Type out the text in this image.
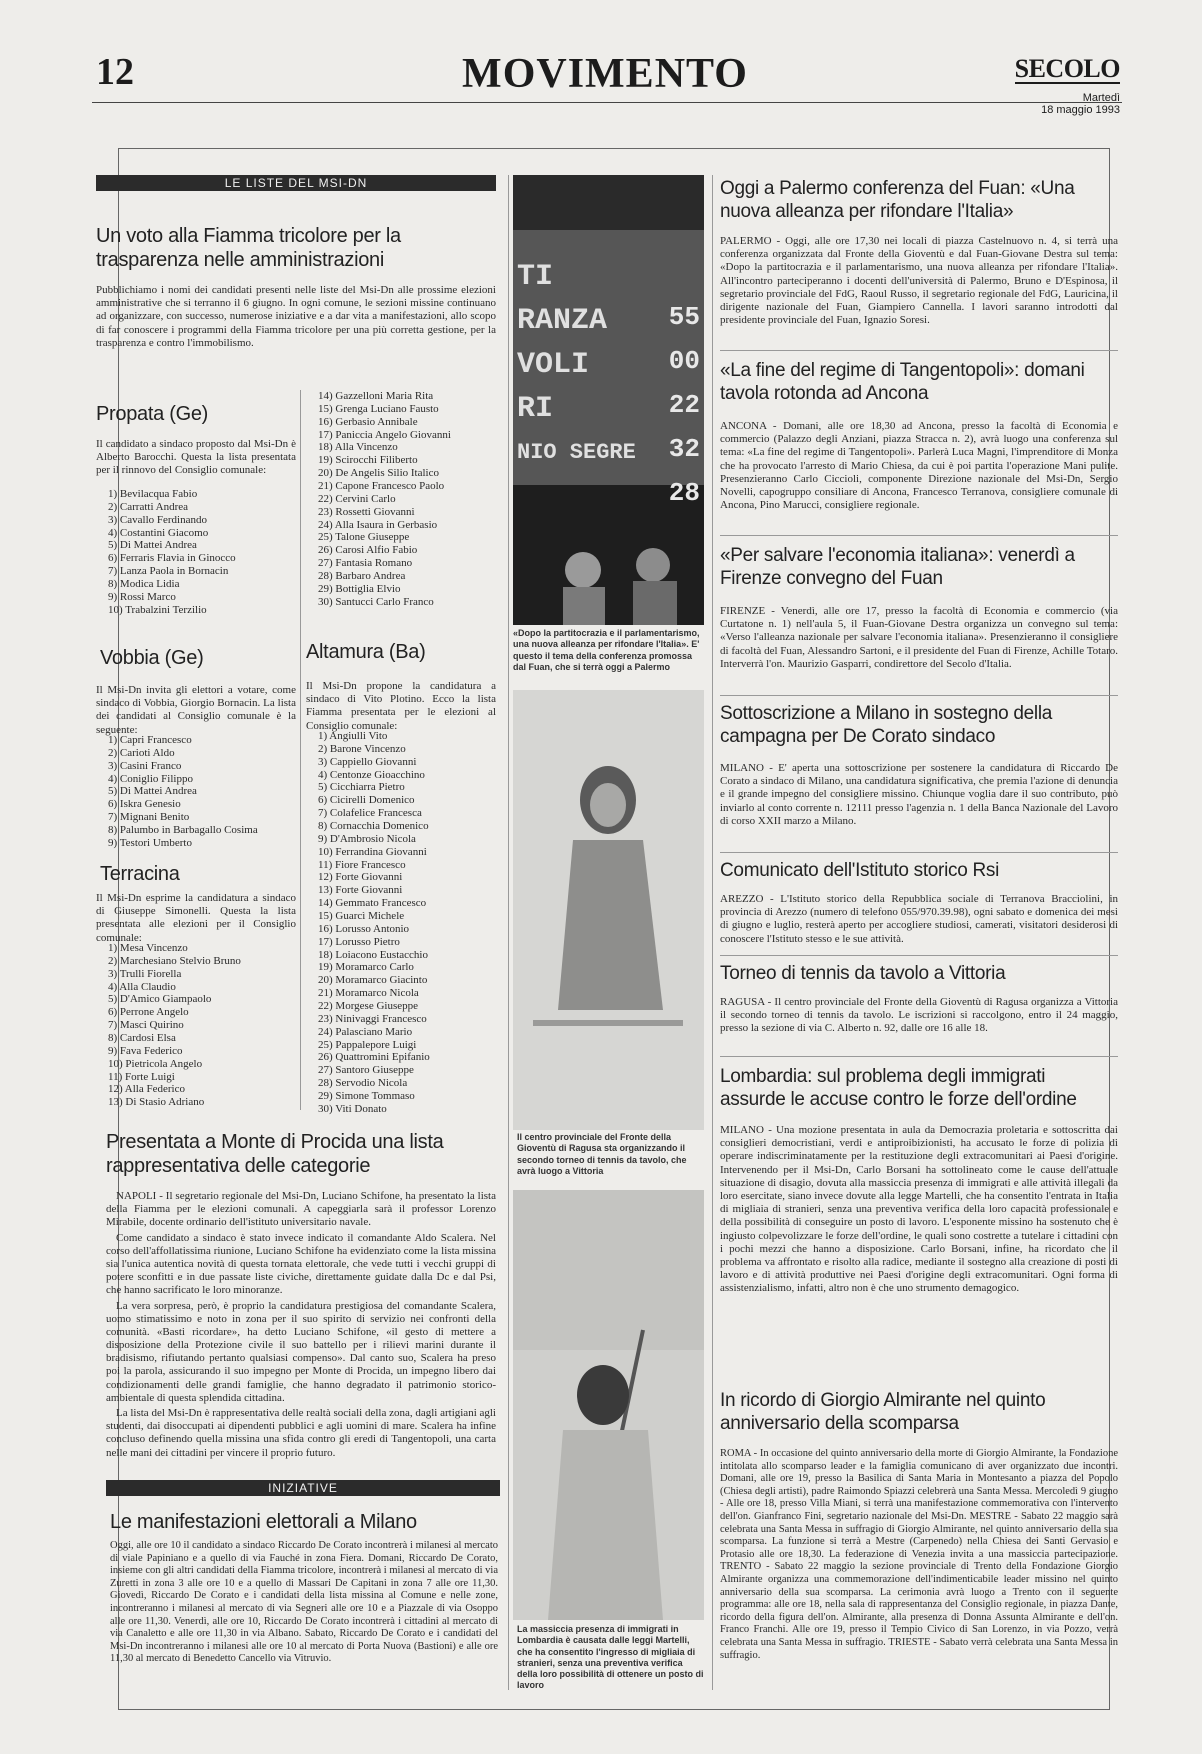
12	MOVIMENTO	SECOLO
Martedì
18 maggio 1993
LE LISTE DEL MSI-DN
Un voto alla Fiamma tricolore per la trasparenza nelle amministrazioni
Pubblichiamo i nomi dei candidati presenti nelle liste del Msi-Dn alle prossime elezioni amministrative che si terranno il 6 giugno. In ogni comune, le sezioni missine continuano ad organizzare, con successo, numerose iniziative e a dar vita a manifestazioni, allo scopo di far conoscere i programmi della Fiamma tricolore per una più corretta gestione, per la trasparenza e contro l'immobilismo.
Propata (Ge)
Il candidato a sindaco proposto dal Msi-Dn è Alberto Barocchi. Questa la lista presentata per il rinnovo del Consiglio comunale:
1) Bevilacqua Fabio
2) Carratti Andrea
3) Cavallo Ferdinando
4) Costantini Giacomo
5) Di Mattei Andrea
6) Ferraris Flavia in Ginocco
7) Lanza Paola in Bornacin
8) Modica Lidia
9) Rossi Marco
10) Trabalzini Terzilio
14) Gazzelloni Maria Rita
15) Grenga Luciano Fausto
16) Gerbasio Annibale
17) Paniccia Angelo Giovanni
18) Alla Vincenzo
19) Scirocchi Filiberto
20) De Angelis Silio Italico
21) Capone Francesco Paolo
22) Cervini Carlo
23) Rossetti Giovanni
24) Alla Isaura in Gerbasio
25) Talone Giuseppe
26) Carosi Alfio Fabio
27) Fantasia Romano
28) Barbaro Andrea
29) Bottiglia Elvio
30) Santucci Carlo Franco
Vobbia (Ge)
Il Msi-Dn invita gli elettori a votare, come sindaco di Vobbia, Giorgio Bornacin. La lista dei candidati al Consiglio comunale è la seguente:
1) Capri Francesco
2) Carioti Aldo
3) Casini Franco
4) Coniglio Filippo
5) Di Mattei Andrea
6) Iskra Genesio
7) Mignani Benito
8) Palumbo in Barbagallo Cosima
9) Testori Umberto
Terracina
Il Msi-Dn esprime la candidatura a sindaco di Giuseppe Simonelli. Questa la lista presentata alle elezioni per il Consiglio comunale:
1) Mesa Vincenzo
2) Marchesiano Stelvio Bruno
3) Trulli Fiorella
4) Alla Claudio
5) D'Amico Giampaolo
6) Perrone Angelo
7) Masci Quirino
8) Cardosi Elsa
9) Fava Federico
10) Pietricola Angelo
11) Forte Luigi
12) Alla Federico
13) Di Stasio Adriano
Altamura (Ba)
Il Msi-Dn propone la candidatura a sindaco di Vito Plotino. Ecco la lista Fiamma presentata per le elezioni al Consiglio comunale:
1) Angiulli Vito
2) Barone Vincenzo
3) Cappiello Giovanni
4) Centonze Gioacchino
5) Cicchiarra Pietro
6) Cicirelli Domenico
7) Colafelice Francesca
8) Cornacchia Domenico
9) D'Ambrosio Nicola
10) Ferrandina Giovanni
11) Fiore Francesco
12) Forte Giovanni
13) Forte Giovanni
14) Gemmato Francesco
15) Guarcì Michele
16) Lorusso Antonio
17) Lorusso Pietro
18) Loiacono Eustacchio
19) Moramarco Carlo
20) Moramarco Giacinto
21) Moramarco Nicola
22) Morgese Giuseppe
23) Ninivaggi Francesco
24) Palasciano Mario
25) Pappalepore Luigi
26) Quattromini Epifanio
27) Santoro Giuseppe
28) Servodio Nicola
29) Simone Tommaso
30) Viti Donato
Presentata a Monte di Procida una lista rappresentativa delle categorie

NAPOLI - Il segretario regionale del Msi-Dn, Luciano Schifone, ha presentato la lista della Fiamma per le elezioni comunali. A capeggiarla sarà il professor Lorenzo Mirabile, docente ordinario dell'istituto universitario navale.

Come candidato a sindaco è stato invece indicato il comandante Aldo Scalera. Nel corso dell'affollatissima riunione, Luciano Schifone ha evidenziato come la lista missina sia l'unica autentica novità di questa tornata elettorale, che vede tutti i vecchi gruppi di potere sconfitti e in due passate liste civiche, direttamente guidate dalla Dc e dal Psi, che hanno sacrificato le loro minoranze.

La vera sorpresa, però, è proprio la candidatura prestigiosa del comandante Scalera, uomo stimatissimo e noto in zona per il suo spirito di servizio nei confronti della comunità. «Basti ricordare», ha detto Luciano Schifone, «il gesto di mettere a disposizione della Protezione civile il suo battello per i rilievi marini durante il bradisismo, rifiutando pertanto qualsiasi compenso». Dal canto suo, Scalera ha preso poi la parola, assicurando il suo impegno per Monte di Procida, un impegno libero dai condizionamenti delle grandi famiglie, che hanno degradato il patrimonio storico-ambientale di questa splendida cittadina.

La lista del Msi-Dn è rappresentativa delle realtà sociali della zona, dagli artigiani agli studenti, dai disoccupati ai dipendenti pubblici e agli uomini di mare. Scalera ha infine concluso definendo quella missina una sfida contro gli eredi di Tangentopoli, una carta nelle mani dei cittadini per vincere il proprio futuro.

INIZIATIVE
Le manifestazioni elettorali a Milano
Oggi, alle ore 10 il candidato a sindaco Riccardo De Corato incontrerà i milanesi al mercato di viale Papiniano e a quello di via Fauché in zona Fiera. Domani, Riccardo De Corato, insieme con gli altri candidati della Fiamma tricolore, incontrerà i milanesi al mercato di via Zuretti in zona 3 alle ore 10 e a quello di Massari De Capitani in zona 7 alle ore 11,30. Giovedì, Riccardo De Corato e i candidati della lista missina al Comune e nelle zone, incontreranno i milanesi al mercato di via Segneri alle ore 10 e a Piazzale di via Osoppo alle ore 11,30. Venerdì, alle ore 10, Riccardo De Corato incontrerà i cittadini al mercato di via Canaletto e alle ore 11,30 in via Albano. Sabato, Riccardo De Corato e i candidati del Msi-Dn incontreranno i milanesi alle ore 10 al mercato di Porta Nuova (Bastioni) e alle ore 11,30 al mercato di Benedetto Cancello via Vitruvio.
TI
RANZA
VOLI
RI
NIO SEGRE
55
00
22
32
28
«Dopo la partitocrazia e il parlamentarismo, una nuova alleanza per rifondare l'Italia». E' questo il tema della conferenza promossa dal Fuan, che si terrà oggi a Palermo
Il centro provinciale del Fronte della Gioventù di Ragusa sta organizzando il secondo torneo di tennis da tavolo, che avrà luogo a Vittoria
La massiccia presenza di immigrati in Lombardia è causata dalle leggi Martelli, che ha consentito l'ingresso di migliaia di stranieri, senza una preventiva verifica della loro possibilità di ottenere un posto di lavoro
Oggi a Palermo conferenza del Fuan: «Una nuova alleanza per rifondare l'Italia»
PALERMO - Oggi, alle ore 17,30 nei locali di piazza Castelnuovo n. 4, si terrà una conferenza organizzata dal Fronte della Gioventù e dal Fuan-Giovane Destra sul tema: «Dopo la partitocrazia e il parlamentarismo, una nuova alleanza per rifondare l'Italia». All'incontro parteciperanno i docenti dell'università di Palermo, Bruno e D'Espinosa, il segretario provinciale del FdG, Raoul Russo, il segretario regionale del FdG, Lauricina, il dirigente nazionale del Fuan, Giampiero Cannella. I lavori saranno introdotti dal presidente provinciale del Fuan, Ignazio Soresi.
«La fine del regime di Tangentopoli»: domani tavola rotonda ad Ancona
ANCONA - Domani, alle ore 18,30 ad Ancona, presso la facoltà di Economia e commercio (Palazzo degli Anziani, piazza Stracca n. 2), avrà luogo una conferenza sul tema: «La fine del regime di Tangentopoli». Parlerà Luca Magni, l'imprenditore di Monza che ha provocato l'arresto di Mario Chiesa, da cui è poi partita l'operazione Mani pulite. Presenzieranno Carlo Ciccioli, componente Direzione nazionale del Msi-Dn, Sergio Novelli, capogruppo consiliare di Ancona, Francesco Terranova, consigliere comunale di Ancona, Pino Marucci, consigliere regionale.
«Per salvare l'economia italiana»: venerdì a Firenze convegno del Fuan
FIRENZE - Venerdì, alle ore 17, presso la facoltà di Economia e commercio (via Curtatone n. 1) nell'aula 5, il Fuan-Giovane Destra organizza un convegno sul tema: «Verso l'alleanza nazionale per salvare l'economia italiana». Presenzieranno il consigliere di facoltà del Fuan, Alessandro Sartoni, e il presidente del Fuan di Firenze, Achille Totaro. Interverrà l'on. Maurizio Gasparri, condirettore del Secolo d'Italia.
Sottoscrizione a Milano in sostegno della campagna per De Corato sindaco
MILANO - E' aperta una sottoscrizione per sostenere la candidatura di Riccardo De Corato a sindaco di Milano, una candidatura significativa, che premia l'azione di denuncia e il grande impegno del consigliere missino. Chiunque voglia dare il suo contributo, può inviarlo al conto corrente n. 12111 presso l'agenzia n. 1 della Banca Nazionale del Lavoro di corso XXII marzo a Milano.
Comunicato dell'Istituto storico Rsi
AREZZO - L'Istituto storico della Repubblica sociale di Terranova Bracciolini, in provincia di Arezzo (numero di telefono 055/970.39.98), ogni sabato e domenica dei mesi di giugno e luglio, resterà aperto per accogliere studiosi, camerati, visitatori desiderosi di conoscere l'Istituto stesso e le sue attività.
Torneo di tennis da tavolo a Vittoria
RAGUSA - Il centro provinciale del Fronte della Gioventù di Ragusa organizza a Vittoria il secondo torneo di tennis da tavolo. Le iscrizioni si raccolgono, entro il 24 maggio, presso la sezione di via C. Alberto n. 92, dalle ore 16 alle 18.
Lombardia: sul problema degli immigrati assurde le accuse contro le forze dell'ordine
MILANO - Una mozione presentata in aula da Democrazia proletaria e sottoscritta dai consiglieri democristiani, verdi e antiproibizionisti, ha accusato le forze di polizia di operare indiscriminatamente per la restituzione degli extracomunitari ai Paesi d'origine. Intervenendo per il Msi-Dn, Carlo Borsani ha sottolineato come le cause dell'attuale situazione di disagio, dovuta alla massiccia presenza di immigrati e alle attività illegali da loro esercitate, siano invece dovute alla legge Martelli, che ha consentito l'entrata in Italia di migliaia di stranieri, senza una preventiva verifica della loro capacità professionale e della possibilità di conseguire un posto di lavoro. L'esponente missino ha sostenuto che è ingiusto colpevolizzare le forze dell'ordine, le quali sono costrette a tutelare i cittadini con i pochi mezzi che hanno a disposizione. Carlo Borsani, infine, ha ricordato che il problema va affrontato e risolto alla radice, mediante il sostegno alla creazione di posti di lavoro e di attività produttive nei Paesi d'origine degli extracomunitari. Ogni forma di assistenzialismo, infatti, altro non è che uno strumento demagogico.
In ricordo di Giorgio Almirante nel quinto anniversario della scomparsa
ROMA - In occasione del quinto anniversario della morte di Giorgio Almirante, la Fondazione intitolata allo scomparso leader e la famiglia comunicano di aver organizzato due incontri. Domani, alle ore 19, presso la Basilica di Santa Maria in Montesanto a piazza del Popolo (Chiesa degli artisti), padre Raimondo Spiazzi celebrerà una Santa Messa. Mercoledì 9 giugno - Alle ore 18, presso Villa Miani, si terrà una manifestazione commemorativa con l'intervento dell'on. Gianfranco Fini, segretario nazionale del Msi-Dn. MESTRE - Sabato 22 maggio sarà celebrata una Santa Messa in suffragio di Giorgio Almirante, nel quinto anniversario della sua scomparsa. La funzione si terrà a Mestre (Carpenedo) nella Chiesa dei Santi Gervasio e Protasio alle ore 18,30. La federazione di Venezia invita a una massiccia partecipazione. TRENTO - Sabato 22 maggio la sezione provinciale di Trento della Fondazione Giorgio Almirante organizza una commemorazione dell'indimenticabile leader missino nel quinto anniversario della sua scomparsa. La cerimonia avrà luogo a Trento con il seguente programma: alle ore 18, nella sala di rappresentanza del Consiglio regionale, in piazza Dante, ricordo della figura dell'on. Almirante, alla presenza di Donna Assunta Almirante e dell'on. Franco Franchi. Alle ore 19, presso il Tempio Civico di San Lorenzo, in via Pozzo, verrà celebrata una Santa Messa in suffragio. TRIESTE - Sabato verrà celebrata una Santa Messa in suffragio.
